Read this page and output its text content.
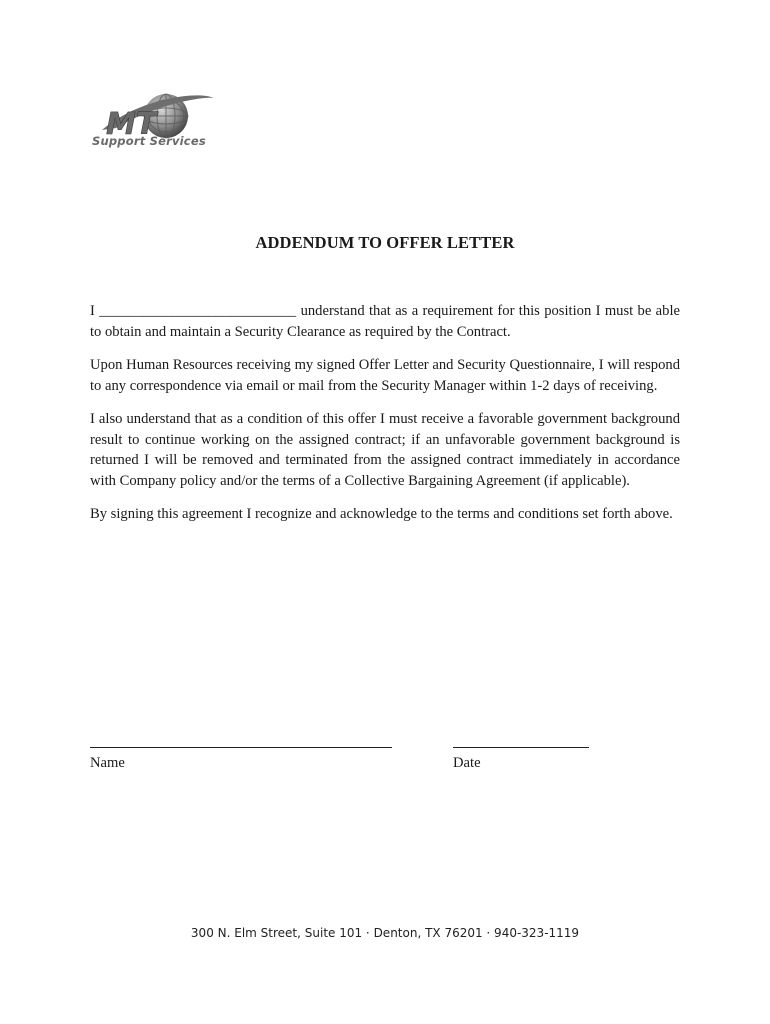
MT
Support Services
ADDENDUM TO OFFER LETTER

I ___________________________ understand that as a requirement for this position I must be able to obtain and maintain a Security Clearance as required by the Contract.

Upon Human Resources receiving my signed Offer Letter and Security Questionnaire, I will respond to any correspondence via email or mail from the Security Manager within 1-2 days of receiving.

I also understand that as a condition of this offer I must receive a favorable government background result to continue working on the assigned contract; if an unfavorable government background is returned I will be removed and terminated from the assigned contract immediately in accordance with Company policy and/or the terms of a Collective Bargaining Agreement (if applicable).

By signing this agreement I recognize and acknowledge to the terms and conditions set forth above.

Name	Date
300 N. Elm Street, Suite 101 · Denton, TX 76201 · 940-323-1119
